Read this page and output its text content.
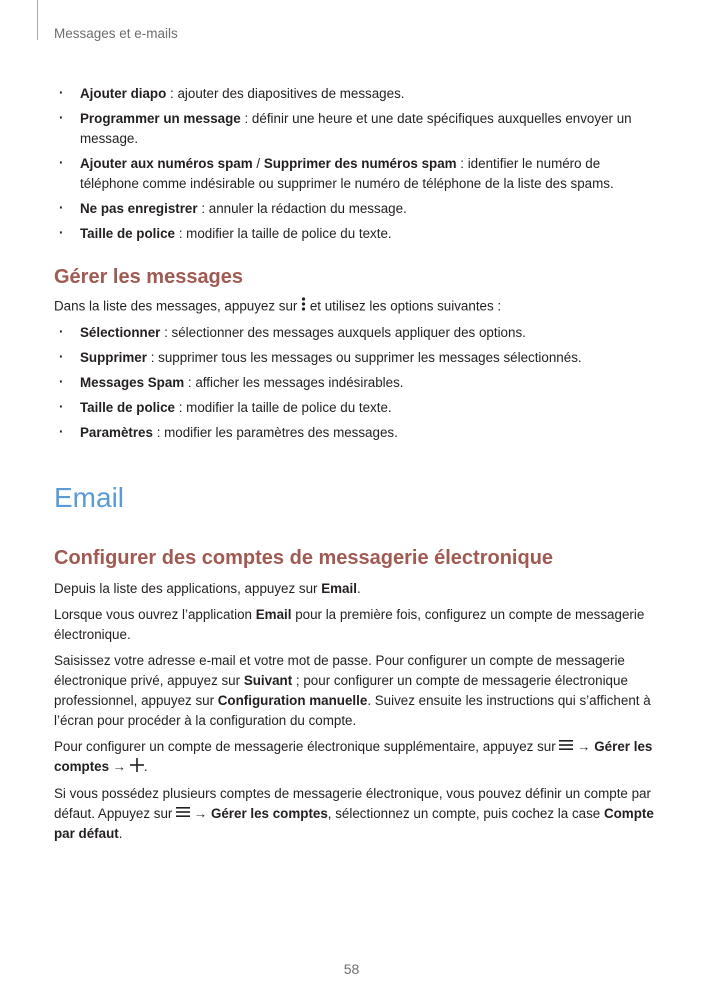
Messages et e-mails
· Ajouter diapo : ajouter des diapositives de messages.
· Programmer un message : définir une heure et une date spécifiques auxquelles envoyer un message.
· Ajouter aux numéros spam / Supprimer des numéros spam : identifier le numéro de téléphone comme indésirable ou supprimer le numéro de téléphone de la liste des spams.
· Ne pas enregistrer : annuler la rédaction du message.
· Taille de police : modifier la taille de police du texte.
Gérer les messages

Dans la liste des messages, appuyez sur  et utilisez les options suivantes :

· Sélectionner : sélectionner des messages auxquels appliquer des options.
· Supprimer : supprimer tous les messages ou supprimer les messages sélectionnés.
· Messages Spam : afficher les messages indésirables.
· Taille de police : modifier la taille de police du texte.
· Paramètres : modifier les paramètres des messages.
Email
Configurer des comptes de messagerie électronique

Depuis la liste des applications, appuyez sur Email.

Lorsque vous ouvrez l’application Email pour la première fois, configurez un compte de messagerie électronique.

Saisissez votre adresse e-mail et votre mot de passe. Pour configurer un compte de messagerie électronique privé, appuyez sur Suivant ; pour configurer un compte de messagerie électronique professionnel, appuyez sur Configuration manuelle. Suivez ensuite les instructions qui s’affichent à l’écran pour procéder à la configuration du compte.

Pour configurer un compte de messagerie électronique supplémentaire, appuyez sur  → Gérer les comptes → .

Si vous possédez plusieurs comptes de messagerie électronique, vous pouvez définir un compte par défaut. Appuyez sur  → Gérer les comptes, sélectionnez un compte, puis cochez la case Compte par défaut.

58
